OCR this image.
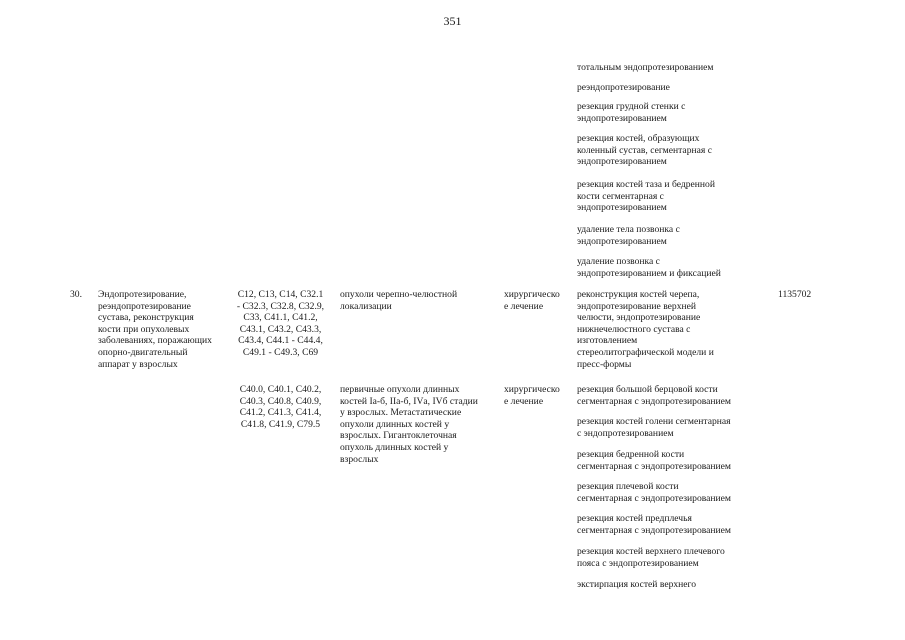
351
тотальным эндопротезированием
реэндопротезирование
резекция грудной стенки с
эндопротезированием
резекция костей, образующих
коленный сустав, сегментарная с
эндопротезированием
резекция костей таза и бедренной
кости сегментарная с
эндопротезированием
удаление тела позвонка с
эндопротезированием
удаление позвонка с
эндопротезированием и фиксацией
30.	Эндопротезирование,
реэндопротезирование
сустава, реконструкция
кости при опухолевых
заболеваниях, поражающих
опорно-двигательный
аппарат у взрослых
1135702
C12, C13, C14, C32.1
- C32.3, C32.8, C32.9,
C33, C41.1, C41.2,
C43.1, C43.2, C43.3,
C43.4, C44.1 - C44.4,
C49.1 - C49.3, C69
опухоли черепно-челюстной
локализации
хирургическо
е лечение
реконструкция костей черепа,
эндопротезирование верхней
челюсти, эндопротезирование
нижнечелюстного сустава с
изготовлением
стереолитографической модели и
пресс-формы
C40.0, C40.1, C40.2,
C40.3, C40.8, C40.9,
C41.2, C41.3, C41.4,
C41.8, C41.9, C79.5
первичные опухоли длинных
костей Iа-б, IIа-б, IVа, IVб стадии
у взрослых. Метастатические
опухоли длинных костей у
взрослых. Гигантоклеточная
опухоль длинных костей у
взрослых
хирургическо
е лечение
резекция большой берцовой кости
сегментарная с эндопротезированием
резекция костей голени сегментарная
с эндопротезированием
резекция бедренной кости
сегментарная с эндопротезированием
резекция плечевой кости
сегментарная с эндопротезированием
резекция костей предплечья
сегментарная с эндопротезированием
резекция костей верхнего плечевого
пояса с эндопротезированием
экстирпация костей верхнего
